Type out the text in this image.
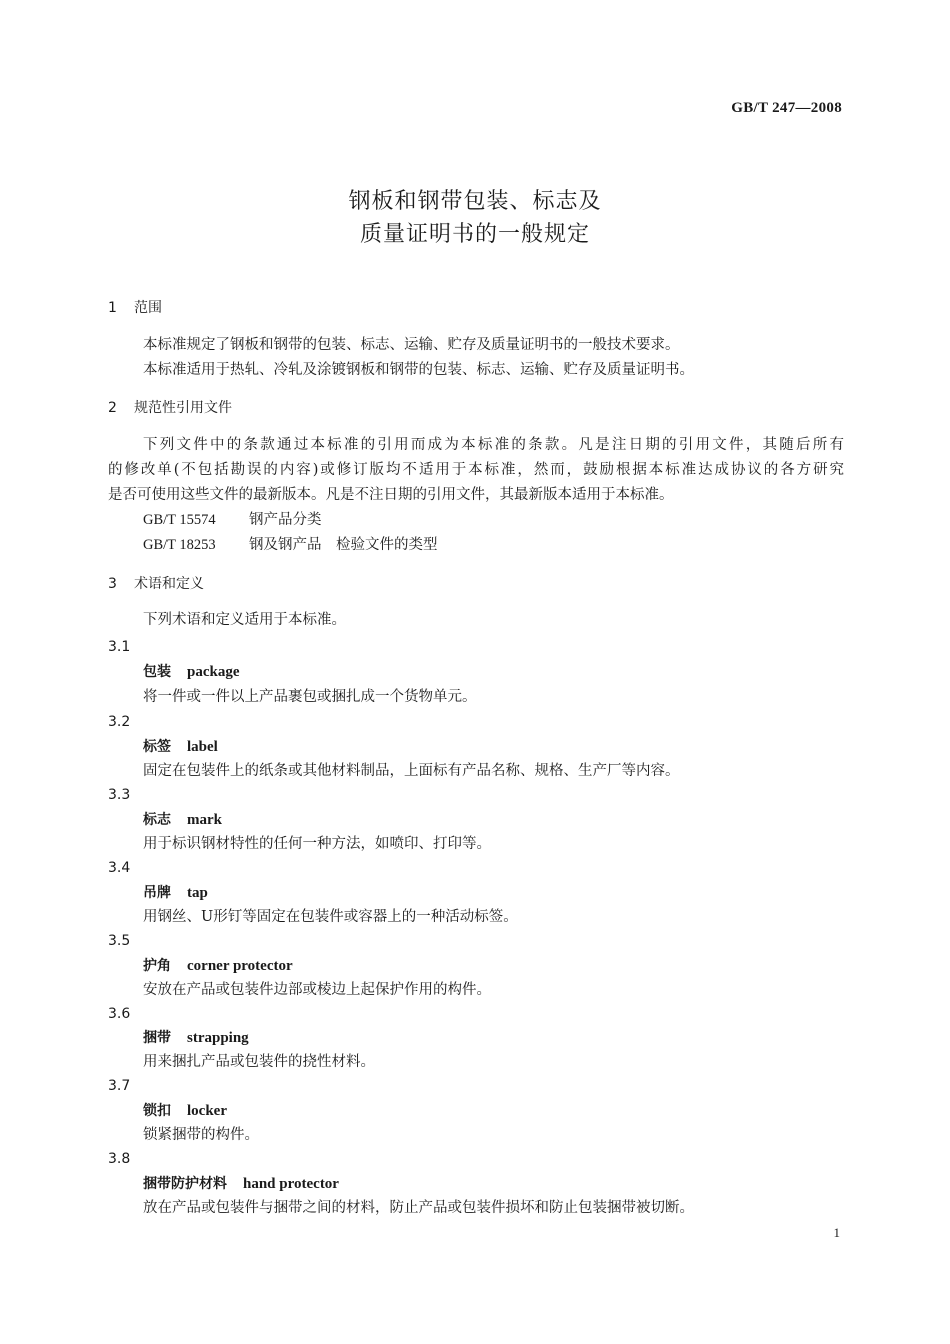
GB/T 247—2008
钢板和钢带包装、标志及
质量证明书的一般规定
1 范围
本标准规定了钢板和钢带的包装、标志、运输、贮存及质量证明书的一般技术要求。
本标准适用于热轧、冷轧及涂镀钢板和钢带的包装、标志、运输、贮存及质量证明书。
2 规范性引用文件
下列文件中的条款通过本标准的引用而成为本标准的条款。凡是注日期的引用文件，其随后所有
的修改单(不包括勘误的内容)或修订版均不适用于本标准，然而，鼓励根据本标准达成协议的各方研究
是否可使用这些文件的最新版本。凡是不注日期的引用文件，其最新版本适用于本标准。
GB/T 15574 钢产品分类
GB/T 18253 钢及钢产品　检验文件的类型
3 术语和定义
下列术语和定义适用于本标准。
3.1
包装 package
将一件或一件以上产品裹包或捆扎成一个货物单元。
3.2
标签 label
固定在包装件上的纸条或其他材料制品，上面标有产品名称、规格、生产厂等内容。
3.3
标志 mark
用于标识钢材特性的任何一种方法，如喷印、打印等。
3.4
吊牌 tap
用钢丝、U形钉等固定在包装件或容器上的一种活动标签。
3.5
护角 corner protector
安放在产品或包装件边部或棱边上起保护作用的构件。
3.6
捆带 strapping
用来捆扎产品或包装件的挠性材料。
3.7
锁扣 locker
锁紧捆带的构件。
3.8
捆带防护材料 hand protector
放在产品或包装件与捆带之间的材料，防止产品或包装件损坏和防止包装捆带被切断。
1
